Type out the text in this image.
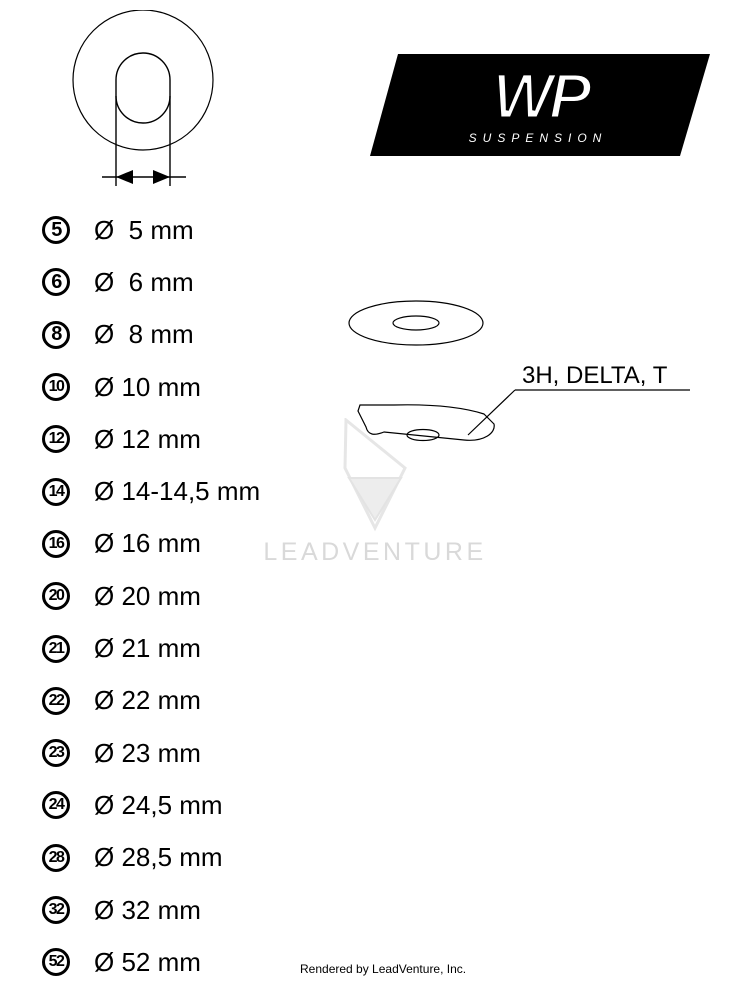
5	Ø  5 mm
6	Ø  6 mm
8	Ø  8 mm
10 Ø 10 mm
12 Ø 12 mm
14 Ø 14-14,5 mm
16 Ø 16 mm
20 Ø 20 mm
21 Ø 21 mm
22 Ø 22 mm
23 Ø 23 mm
24 Ø 24,5 mm
28 Ø 28,5 mm
32 Ø 32 mm
52 Ø 52 mm
WP
SUSPENSION
3H, DELTA, T
LEADVENTURE
Rendered by LeadVenture, Inc.
